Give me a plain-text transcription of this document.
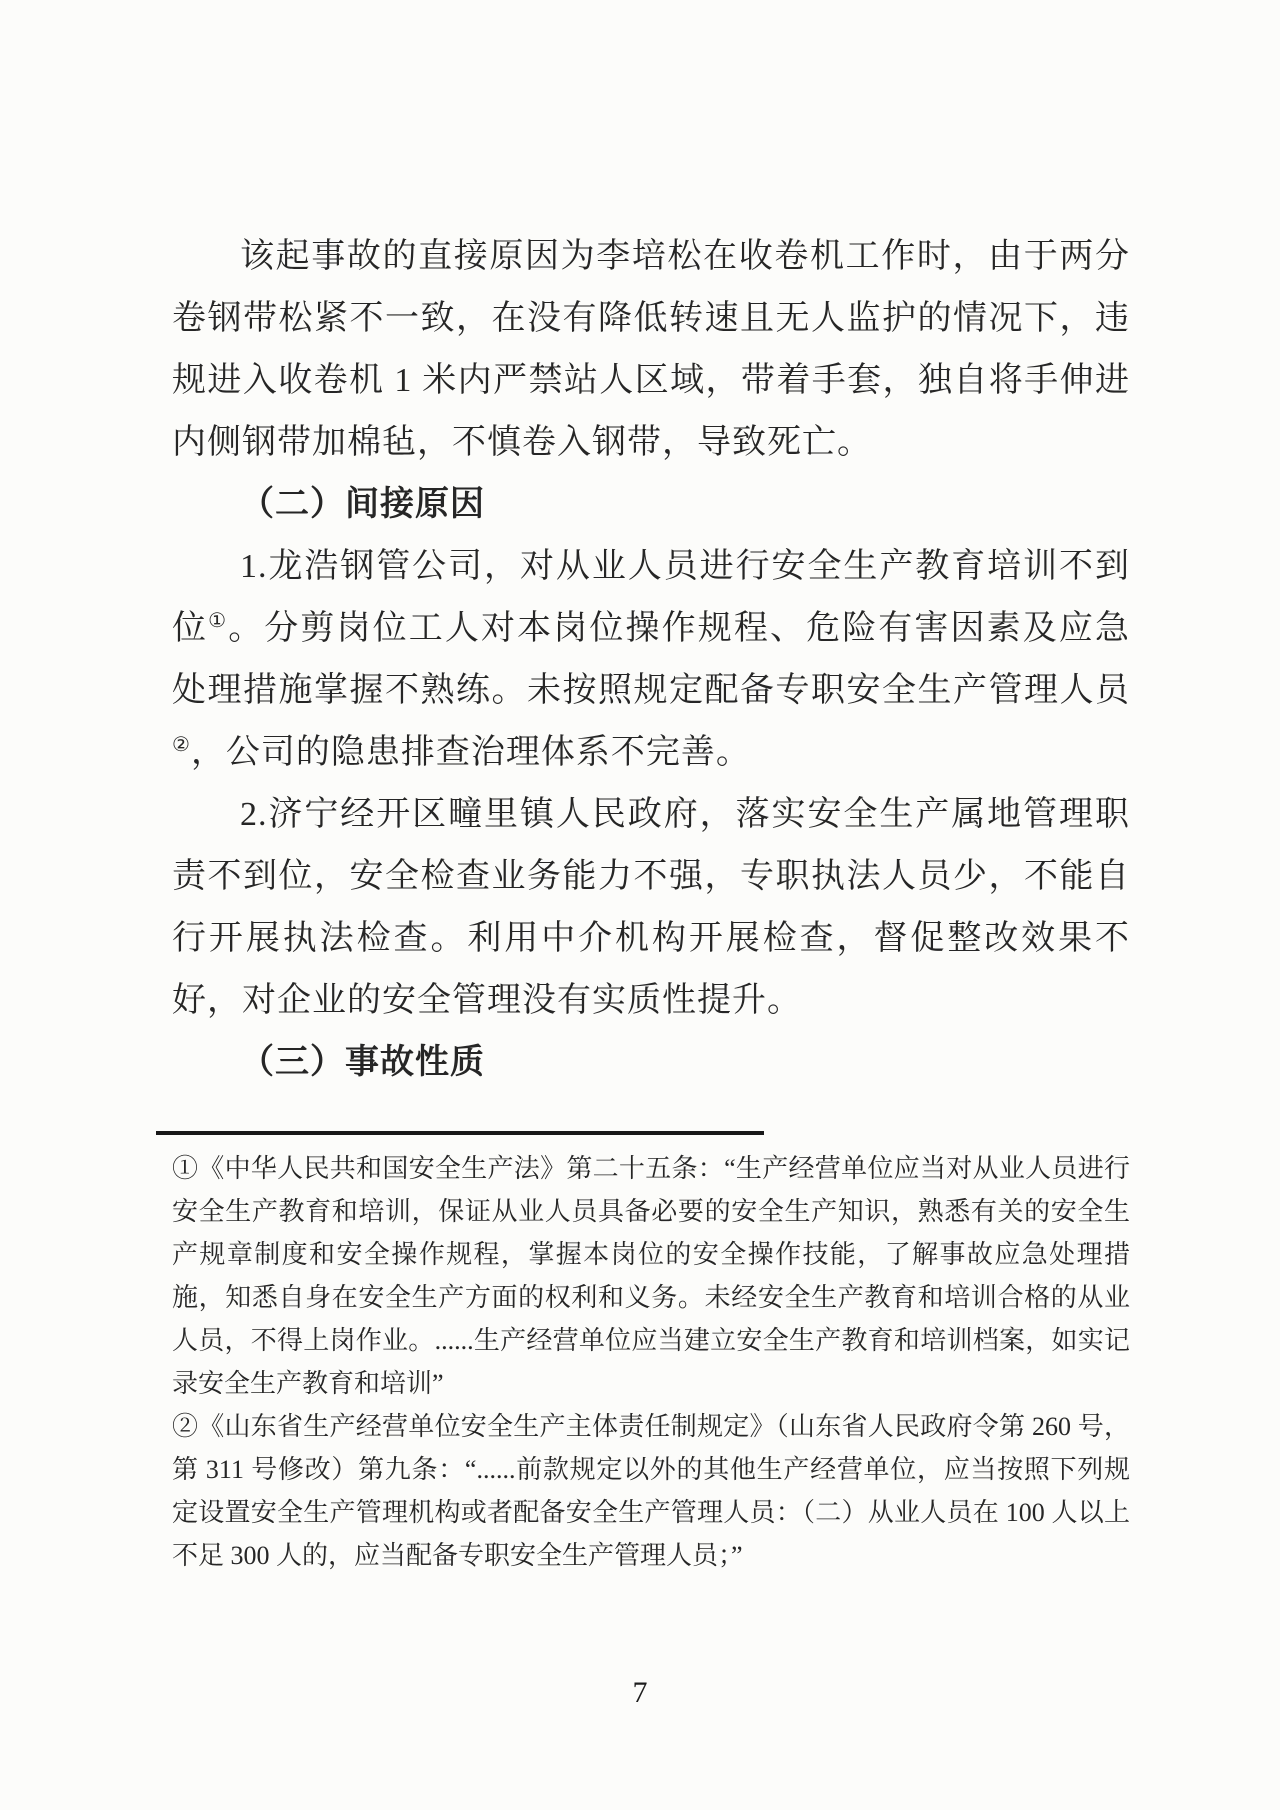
该起事故的直接原因为李培松在收卷机工作时，由于两分卷钢带松紧不一致，在没有降低转速且无人监护的情况下，违规进入收卷机 1 米内严禁站人区域，带着手套，独自将手伸进内侧钢带加棉毡，不慎卷入钢带，导致死亡。

（二）间接原因

1.龙浩钢管公司，对从业人员进行安全生产教育培训不到位①。分剪岗位工人对本岗位操作规程、危险有害因素及应急处理措施掌握不熟练。未按照规定配备专职安全生产管理人员②，公司的隐患排查治理体系不完善。

2.济宁经开区疃里镇人民政府，落实安全生产属地管理职责不到位，安全检查业务能力不强，专职执法人员少，不能自行开展执法检查。利用中介机构开展检查，督促整改效果不好，对企业的安全管理没有实质性提升。

（三）事故性质

①《中华人民共和国安全生产法》第二十五条：“生产经营单位应当对从业人员进行安全生产教育和培训，保证从业人员具备必要的安全生产知识，熟悉有关的安全生产规章制度和安全操作规程，掌握本岗位的安全操作技能，了解事故应急处理措施，知悉自身在安全生产方面的权利和义务。未经安全生产教育和培训合格的从业人员，不得上岗作业。......生产经营单位应当建立安全生产教育和培训档案，如实记录安全生产教育和培训”

②《山东省生产经营单位安全生产主体责任制规定》（山东省人民政府令第 260 号，第 311 号修改）第九条：“......前款规定以外的其他生产经营单位，应当按照下列规定设置安全生产管理机构或者配备安全生产管理人员：（二）从业人员在 100 人以上不足 300 人的，应当配备专职安全生产管理人员；”

7
